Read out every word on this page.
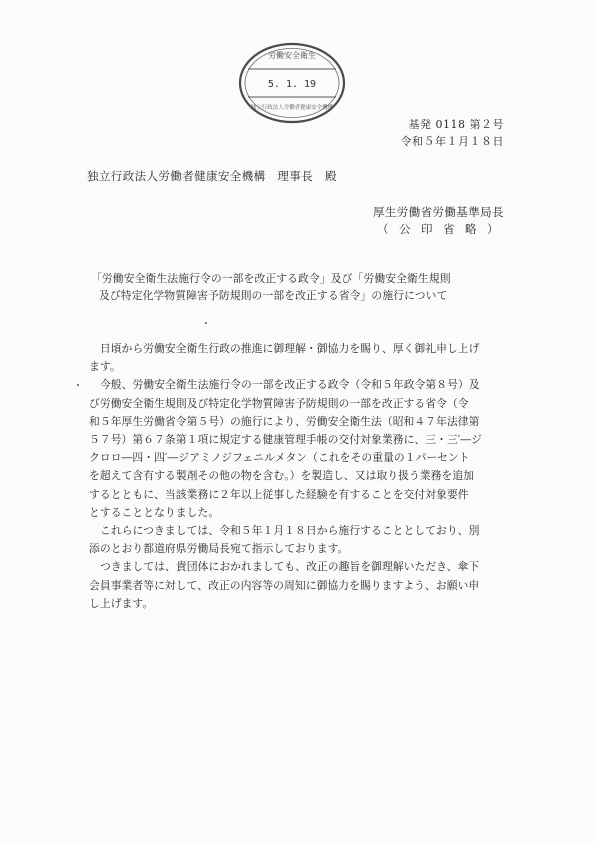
労働安全衛生
5. 1. 19
独立行政法人労働者健康安全機構
基発 0118 第２号
令和５年１月１８日
独立行政法人労働者健康安全機構　理事長　殿
厚生労働省労働基準局長
（公印省略）
「労働安全衛生法施行令の一部を改正する政令」及び「労働安全衛生規則
及び特定化学物質障害予防規則の一部を改正する省令」の施行について
　日頃から労働安全衛生行政の推進に御理解・御協力を賜り、厚く御礼申し上げ
ます。
今般、労働安全衛生法施行令の一部を改正する政令（令和５年政令第８号）及
び労働安全衛生規則及び特定化学物質障害予防規則の一部を改正する省令（令
和５年厚生労働省令第５号）の施行により、労働安全衛生法（昭和４７年法律第
５７号）第６７条第１項に規定する健康管理手帳の交付対象業務に、三・三′―ジ
クロロ―四・四′―ジアミノジフェニルメタン（これをその重量の１パーセント
を超えて含有する製剤その他の物を含む。）を製造し、又は取り扱う業務を追加
するとともに、当該業務に２年以上従事した経験を有することを交付対象要件
とすることとなりました。
これらにつきましては、令和５年１月１８日から施行することとしており、別
添のとおり都道府県労働局長宛て指示しております。
つきましては、貴団体におかれましても、改正の趣旨を御理解いただき、傘下
会員事業者等に対して、改正の内容等の周知に御協力を賜りますよう、お願い申
し上げます。
